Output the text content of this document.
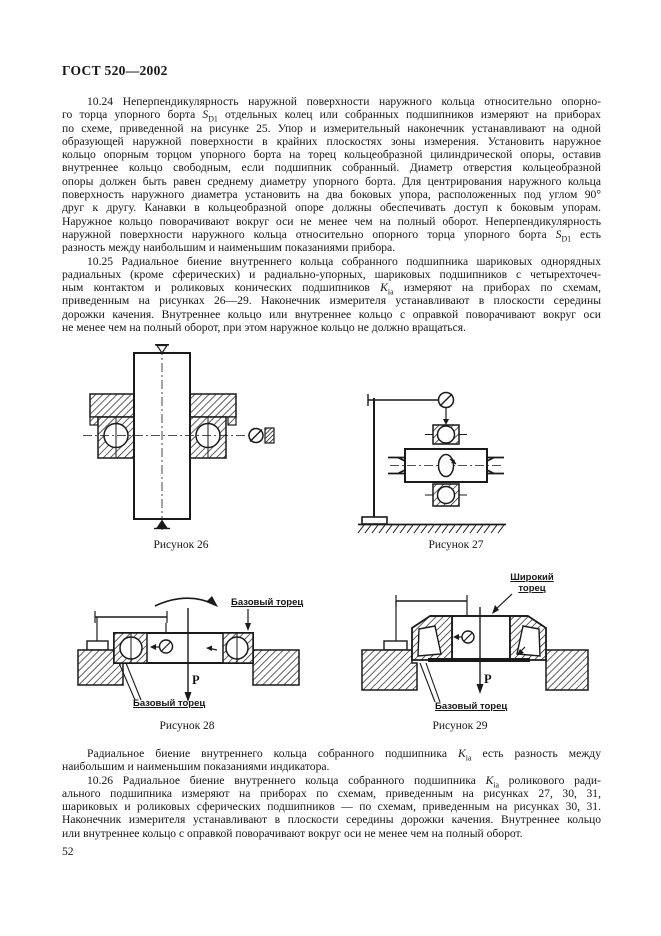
ГОСТ 520—2002
10.24 Неперпендикулярность наружной поверхности наружного кольца относительно опорно-
го торца упорного борта $S_{D1}$ отдельных колец или собранных подшипников измеряют на приборах
по схеме, приведенной на рисунке 25. Упор и измерительный наконечник устанавливают на одной
образующей наружной поверхности в крайних плоскостях зоны измерения. Установить наружное
кольцо опорным торцом упорного борта на торец кольцеобразной цилиндрической опоры, оставив
внутреннее кольцо свободным, если подшипник собранный. Диаметр отверстия кольцеобразной
опоры должен быть равен среднему диаметру упорного борта. Для центрирования наружного кольца
поверхность наружного диаметра установить на два боковых упора, расположенных под углом 90°
друг к другу. Канавки в кольцеобразной опоре должны обеспечивать доступ к боковым упорам.
Наружное кольцо поворачивают вокруг оси не менее чем на полный оборот. Неперпендикулярность
наружной поверхности наружного кольца относительно опорного торца упорного борта $S_{D1}$ есть
разность между наибольшим и наименьшим показаниями прибора.
10.25 Радиальное биение внутреннего кольца собранного подшипника шариковых однорядных
радиальных (кроме сферических) и радиально-упорных, шариковых подшипников с четырехточеч-
ным контактом и роликовых конических подшипников $K_{ia}$ измеряют на приборах по схемам,
приведенным на рисунках 26—29. Наконечник измерителя устанавливают в плоскости середины
дорожки качения. Внутреннее кольцо или внутреннее кольцо с оправкой поворачивают вокруг оси
не менее чем на полный оборот, при этом наружное кольцо не должно вращаться.
Рисунок 26	Рисунок 27
Базовый торец
Базовый торец
P
Рисунок 28
Широкий торец
Базовый торец
P
Рисунок 29
Радиальное биение внутреннего кольца собранного подшипника $K_{ia}$ есть разность между
наибольшим и наименьшим показаниями индикатора.
10.26 Радиальное биение внутреннего кольца собранного подшипника $K_{ia}$ роликового ради-
ального подшипника измеряют на приборах по схемам, приведенным на рисунках 27, 30, 31,
шариковых и роликовых сферических подшипников — по схемам, приведенным на рисунках 30, 31.
Наконечник измерителя устанавливают в плоскости середины дорожки качения. Внутреннее кольцо
или внутреннее кольцо с оправкой поворачивают вокруг оси не менее чем на полный оборот.
52
